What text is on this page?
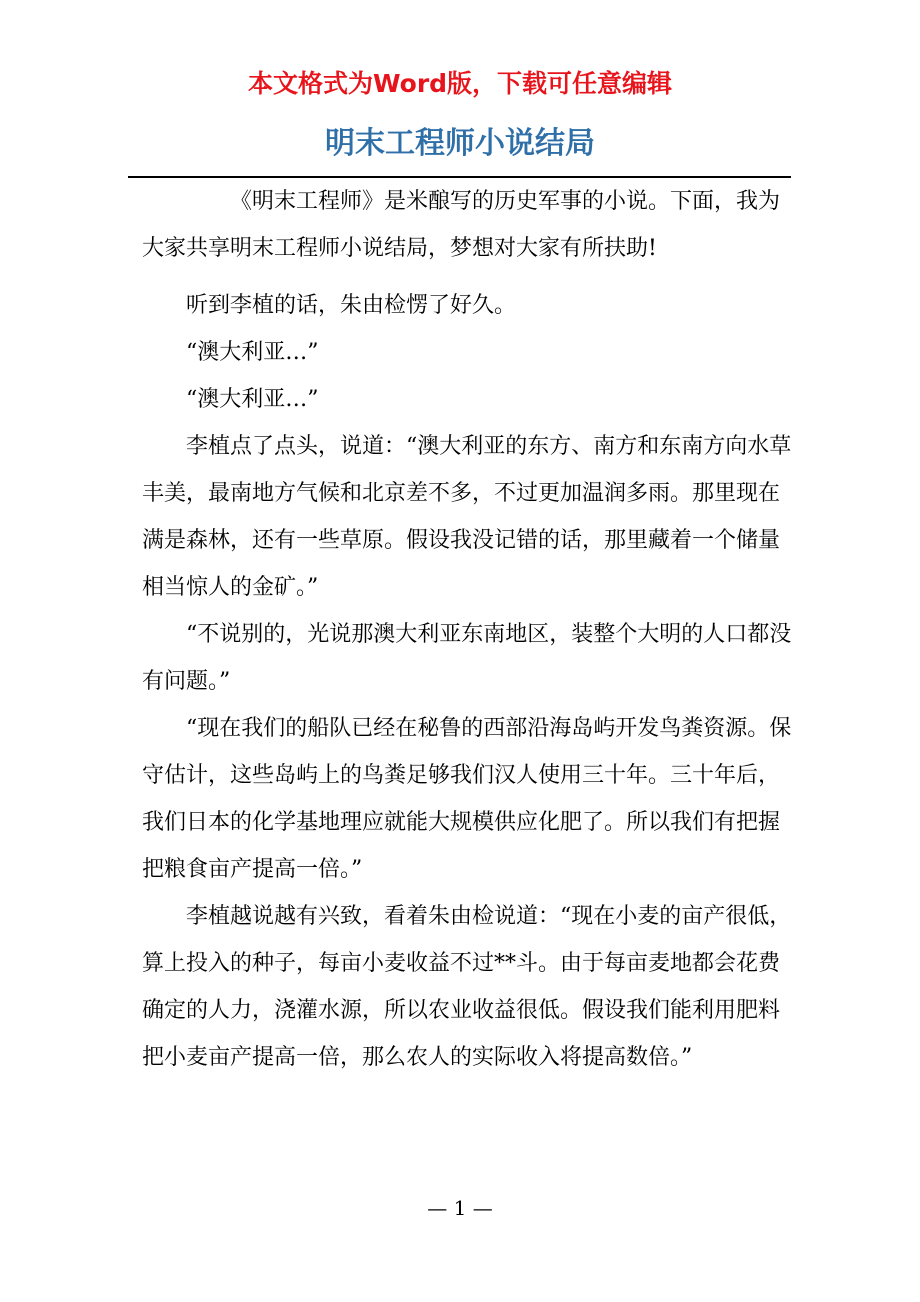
本文格式为Word版，下载可任意编辑
明末工程师小说结局

《明末工程师》是米酿写的历史军事的小说。下面，我为大家共享明末工程师小说结局，梦想对大家有所扶助!

听到李植的话，朱由检愣了好久。

“澳大利亚…”

“澳大利亚…”

李植点了点头，说道：“澳大利亚的东方、南方和东南方向水草丰美，最南地方气候和北京差不多，不过更加温润多雨。那里现在满是森林，还有一些草原。假设我没记错的话，那里藏着一个储量相当惊人的金矿。”

“不说别的，光说那澳大利亚东南地区，装整个大明的人口都没有问题。”

“现在我们的船队已经在秘鲁的西部沿海岛屿开发鸟粪资源。保守估计，这些岛屿上的鸟粪足够我们汉人使用三十年。三十年后，我们日本的化学基地理应就能大规模供应化肥了。所以我们有把握把粮食亩产提高一倍。”

李植越说越有兴致，看着朱由检说道：“现在小麦的亩产很低，算上投入的种子，每亩小麦收益不过**斗。由于每亩麦地都会花费确定的人力，浇灌水源，所以农业收益很低。假设我们能利用肥料把小麦亩产提高一倍，那么农人的实际收入将提高数倍。”

— 1 —
